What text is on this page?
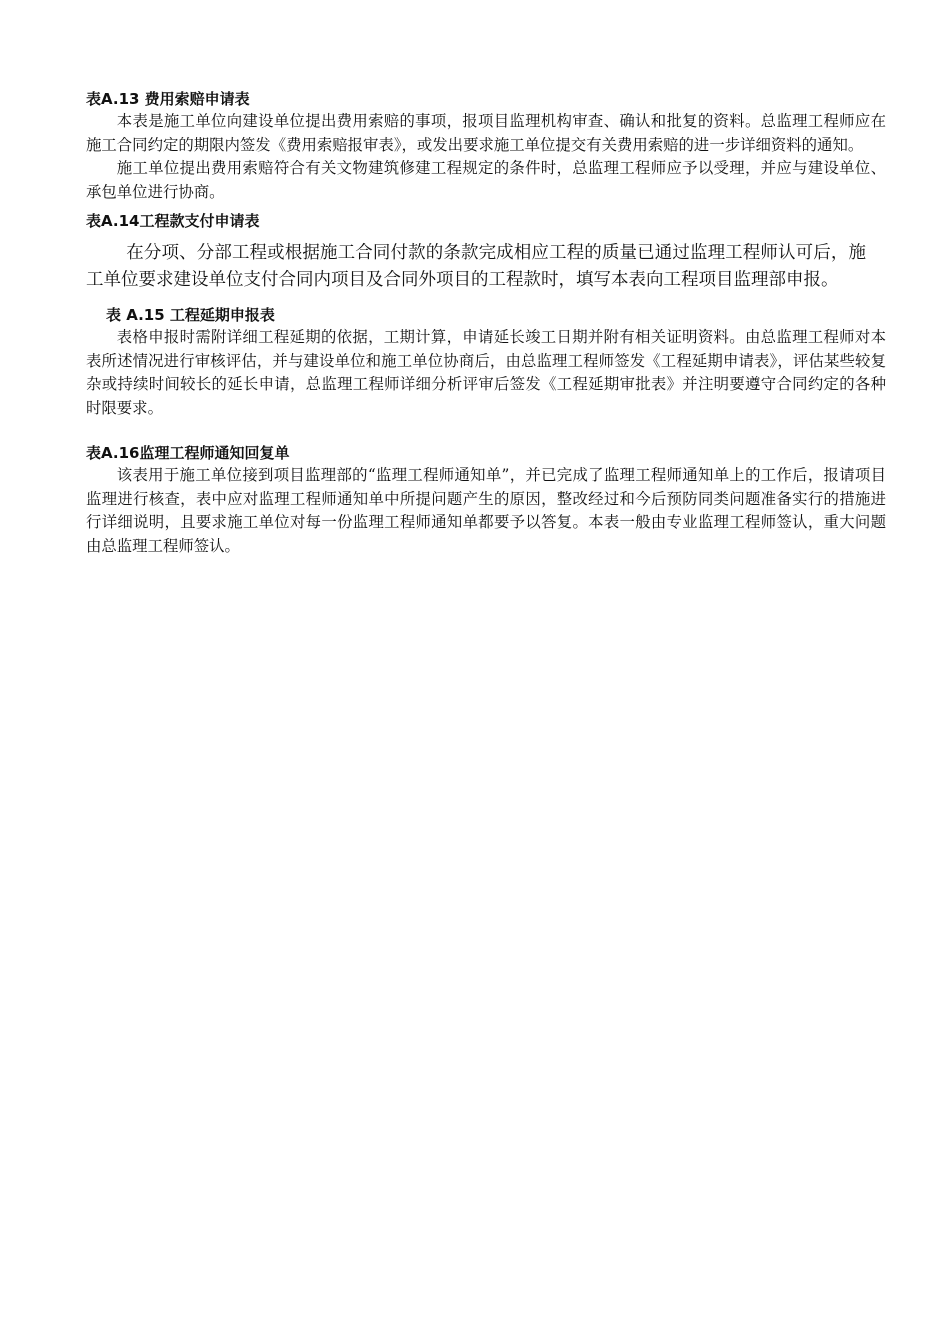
表A.13 费用索赔申请表

本表是施工单位向建设单位提出费用索赔的事项，报项目监理机构审查、确认和批复的资料。总监理工程师应在施工合同约定的期限内签发《费用索赔报审表》，或发出要求施工单位提交有关费用索赔的进一步详细资料的通知。

施工单位提出费用索赔符合有关文物建筑修建工程规定的条件时，总监理工程师应予以受理，并应与建设单位、承包单位进行协商。

表A.14工程款支付申请表

在分项、分部工程或根据施工合同付款的条款完成相应工程的质量已通过监理工程师认可后，施工单位要求建设单位支付合同内项目及合同外项目的工程款时，填写本表向工程项目监理部申报。

表 A.15 工程延期申报表

表格申报时需附详细工程延期的依据，工期计算，申请延长竣工日期并附有相关证明资料。由总监理工程师对本表所述情况进行审核评估，并与建设单位和施工单位协商后，由总监理工程师签发《工程延期申请表》，评估某些较复杂或持续时间较长的延长申请，总监理工程师详细分析评审后签发《工程延期审批表》并注明要遵守合同约定的各种时限要求。

表A.16监理工程师通知回复单

该表用于施工单位接到项目监理部的“监理工程师通知单”，并已完成了监理工程师通知单上的工作后，报请项目监理进行核查，表中应对监理工程师通知单中所提问题产生的原因，整改经过和今后预防同类问题准备实行的措施进行详细说明，且要求施工单位对每一份监理工程师通知单都要予以答复。本表一般由专业监理工程师签认，重大问题由总监理工程师签认。
